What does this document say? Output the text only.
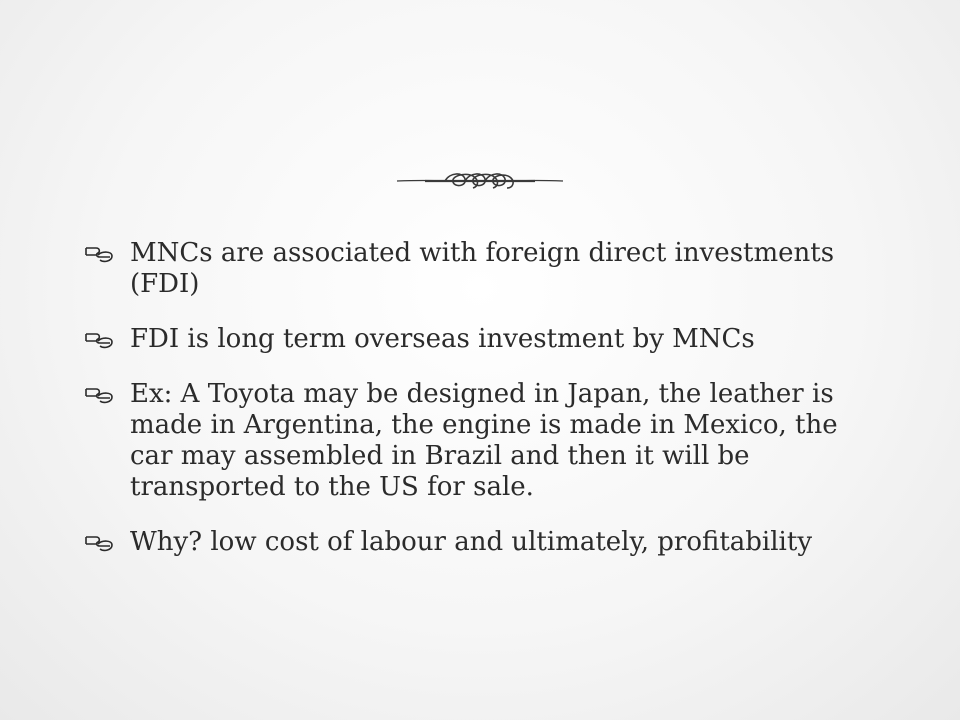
MNCs are associated with foreign direct investments (FDI)
FDI is long term overseas investment by MNCs
Ex: A Toyota may be designed in Japan, the leather is made in Argentina, the engine is made in Mexico, the car may assembled in Brazil and then it will be transported to the US for sale.
Why? low cost of labour and ultimately, profitability
